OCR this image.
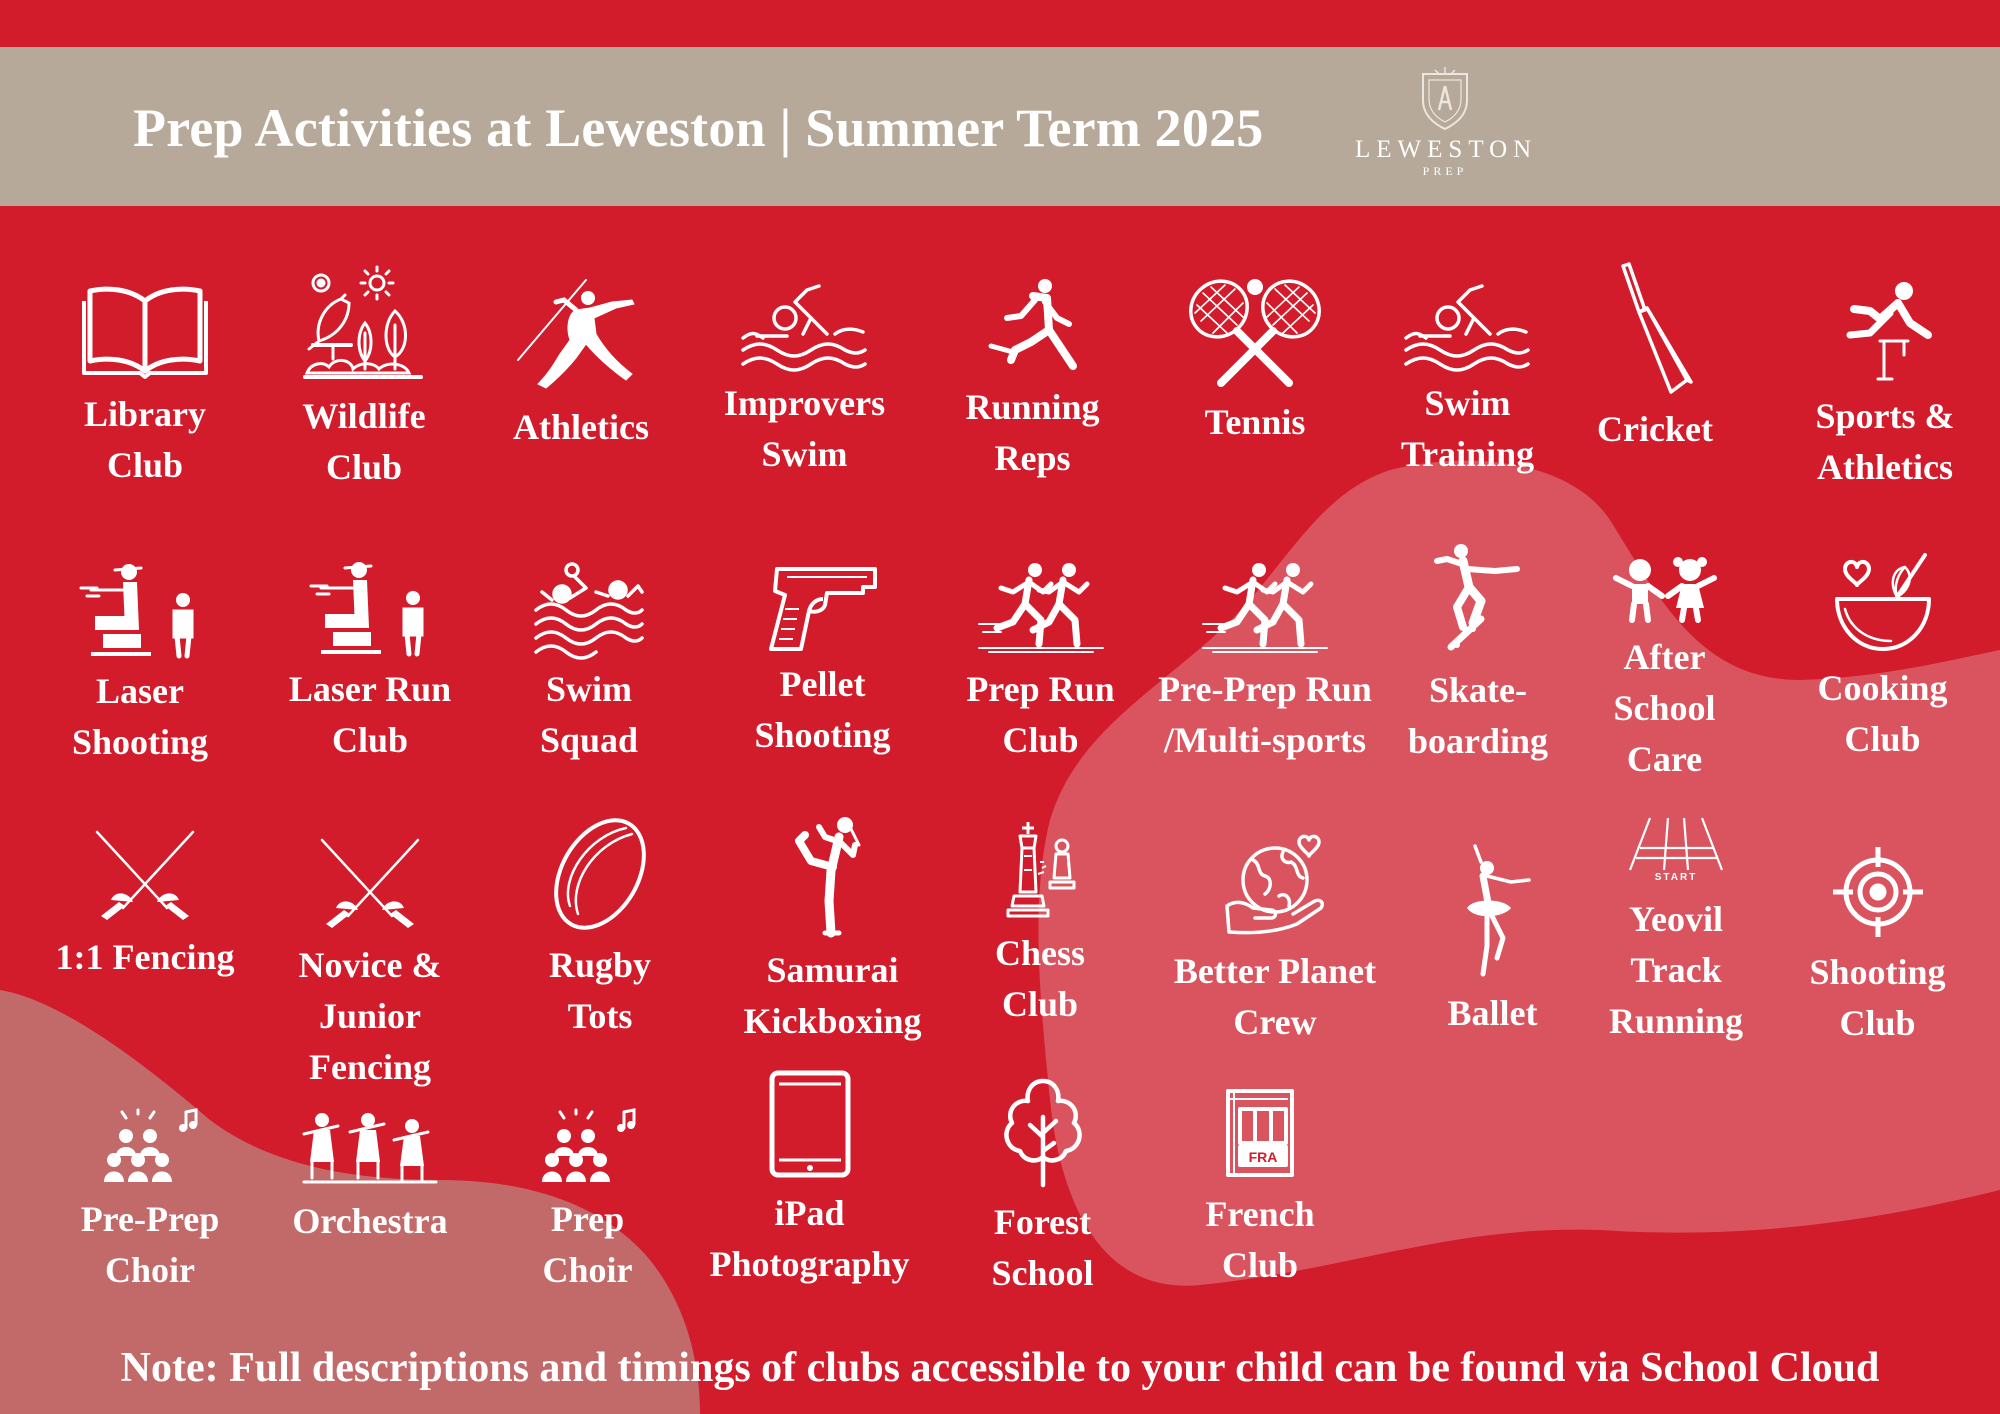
Prep Activities at Leweston | Summer Term 2025	LEWESTON
PREP
Library
Club
Wildlife
Club
Athletics
Improvers
Swim
Running
Reps
Tennis	Swim
Training
Cricket	Sports &
Athletics
Laser
Shooting
Laser Run
Club
Swim
Squad
Pellet
Shooting
Prep Run
Club
Pre-Prep Run
/Multi-sports
Skate-
boarding
After
School
Care
Cooking
Club
1:1 Fencing	Novice &
Junior
Fencing
Rugby
Tots
Samurai
Kickboxing
Chess
Club
Better Planet
Crew	Ballet
START
Yeovil
Track
Running
Shooting
Club
Pre-Prep
Choir
Orchestra	Prep
Choir
iPad
Photography
Forest
School
FRA
French
Club

Note: Full descriptions and timings of clubs accessible to your child can be found via School Cloud
